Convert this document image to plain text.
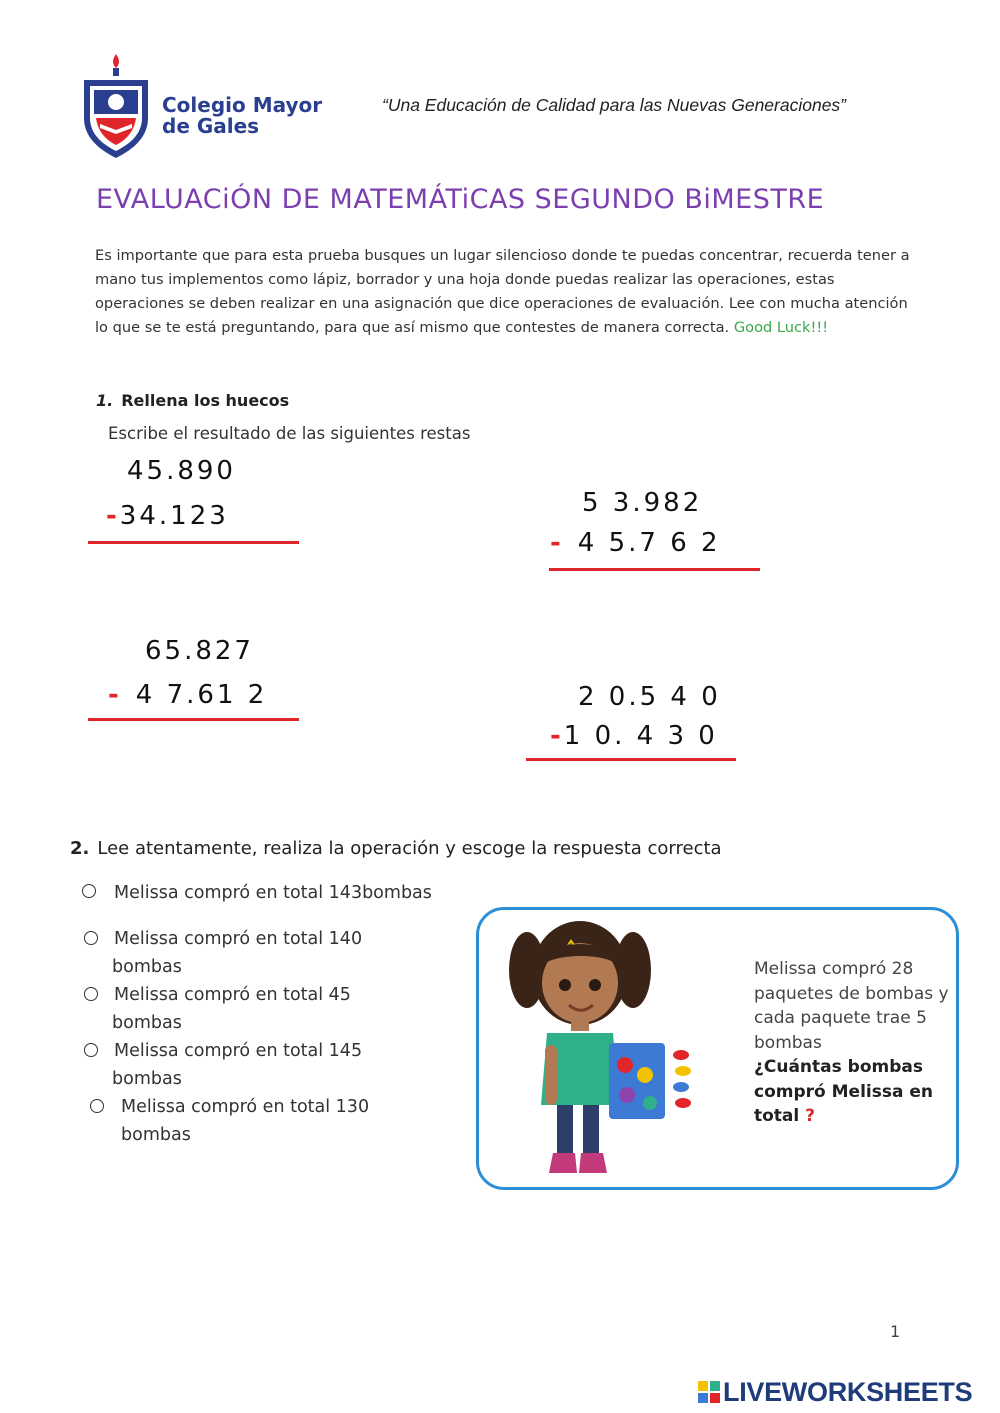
Colegio Mayor
de Gales
“Una Educación de Calidad para las Nuevas Generaciones”
EVALUACiÓN DE MATEMÁTiCAS SEGUNDO BiMESTRE
Es importante que para esta prueba busques un lugar silencioso donde te puedas concentrar, recuerda tener a mano tus implementos como lápiz, borrador y una hoja donde puedas realizar las operaciones, estas operaciones se deben realizar en una asignación que dice operaciones de evaluación. Lee con mucha atención lo que se te está preguntando, para que así mismo que contestes de manera correcta. Good Luck!!!
1. Rellena los huecos
Escribe el resultado de las siguientes restas
45.890
-34.123	5 3.982
- 4 5.7 6 2
65.827
- 4 7.61 2	2 0.5 4 0
-1 0. 4 3 0
2. Lee atentamente, realiza la operación y escoge la respuesta correcta
Melissa compró en total 143bombas
Melissa compró en total 140
bombas
Melissa compró en total 45
bombas
Melissa compró en total 145
bombas
Melissa compró en total 130
bombas
Melissa compró 28 paquetes de bombas y cada paquete trae 5 bombas
¿Cuántas bombas compró Melissa en total ?
1
LIVEWORKSHEETS
